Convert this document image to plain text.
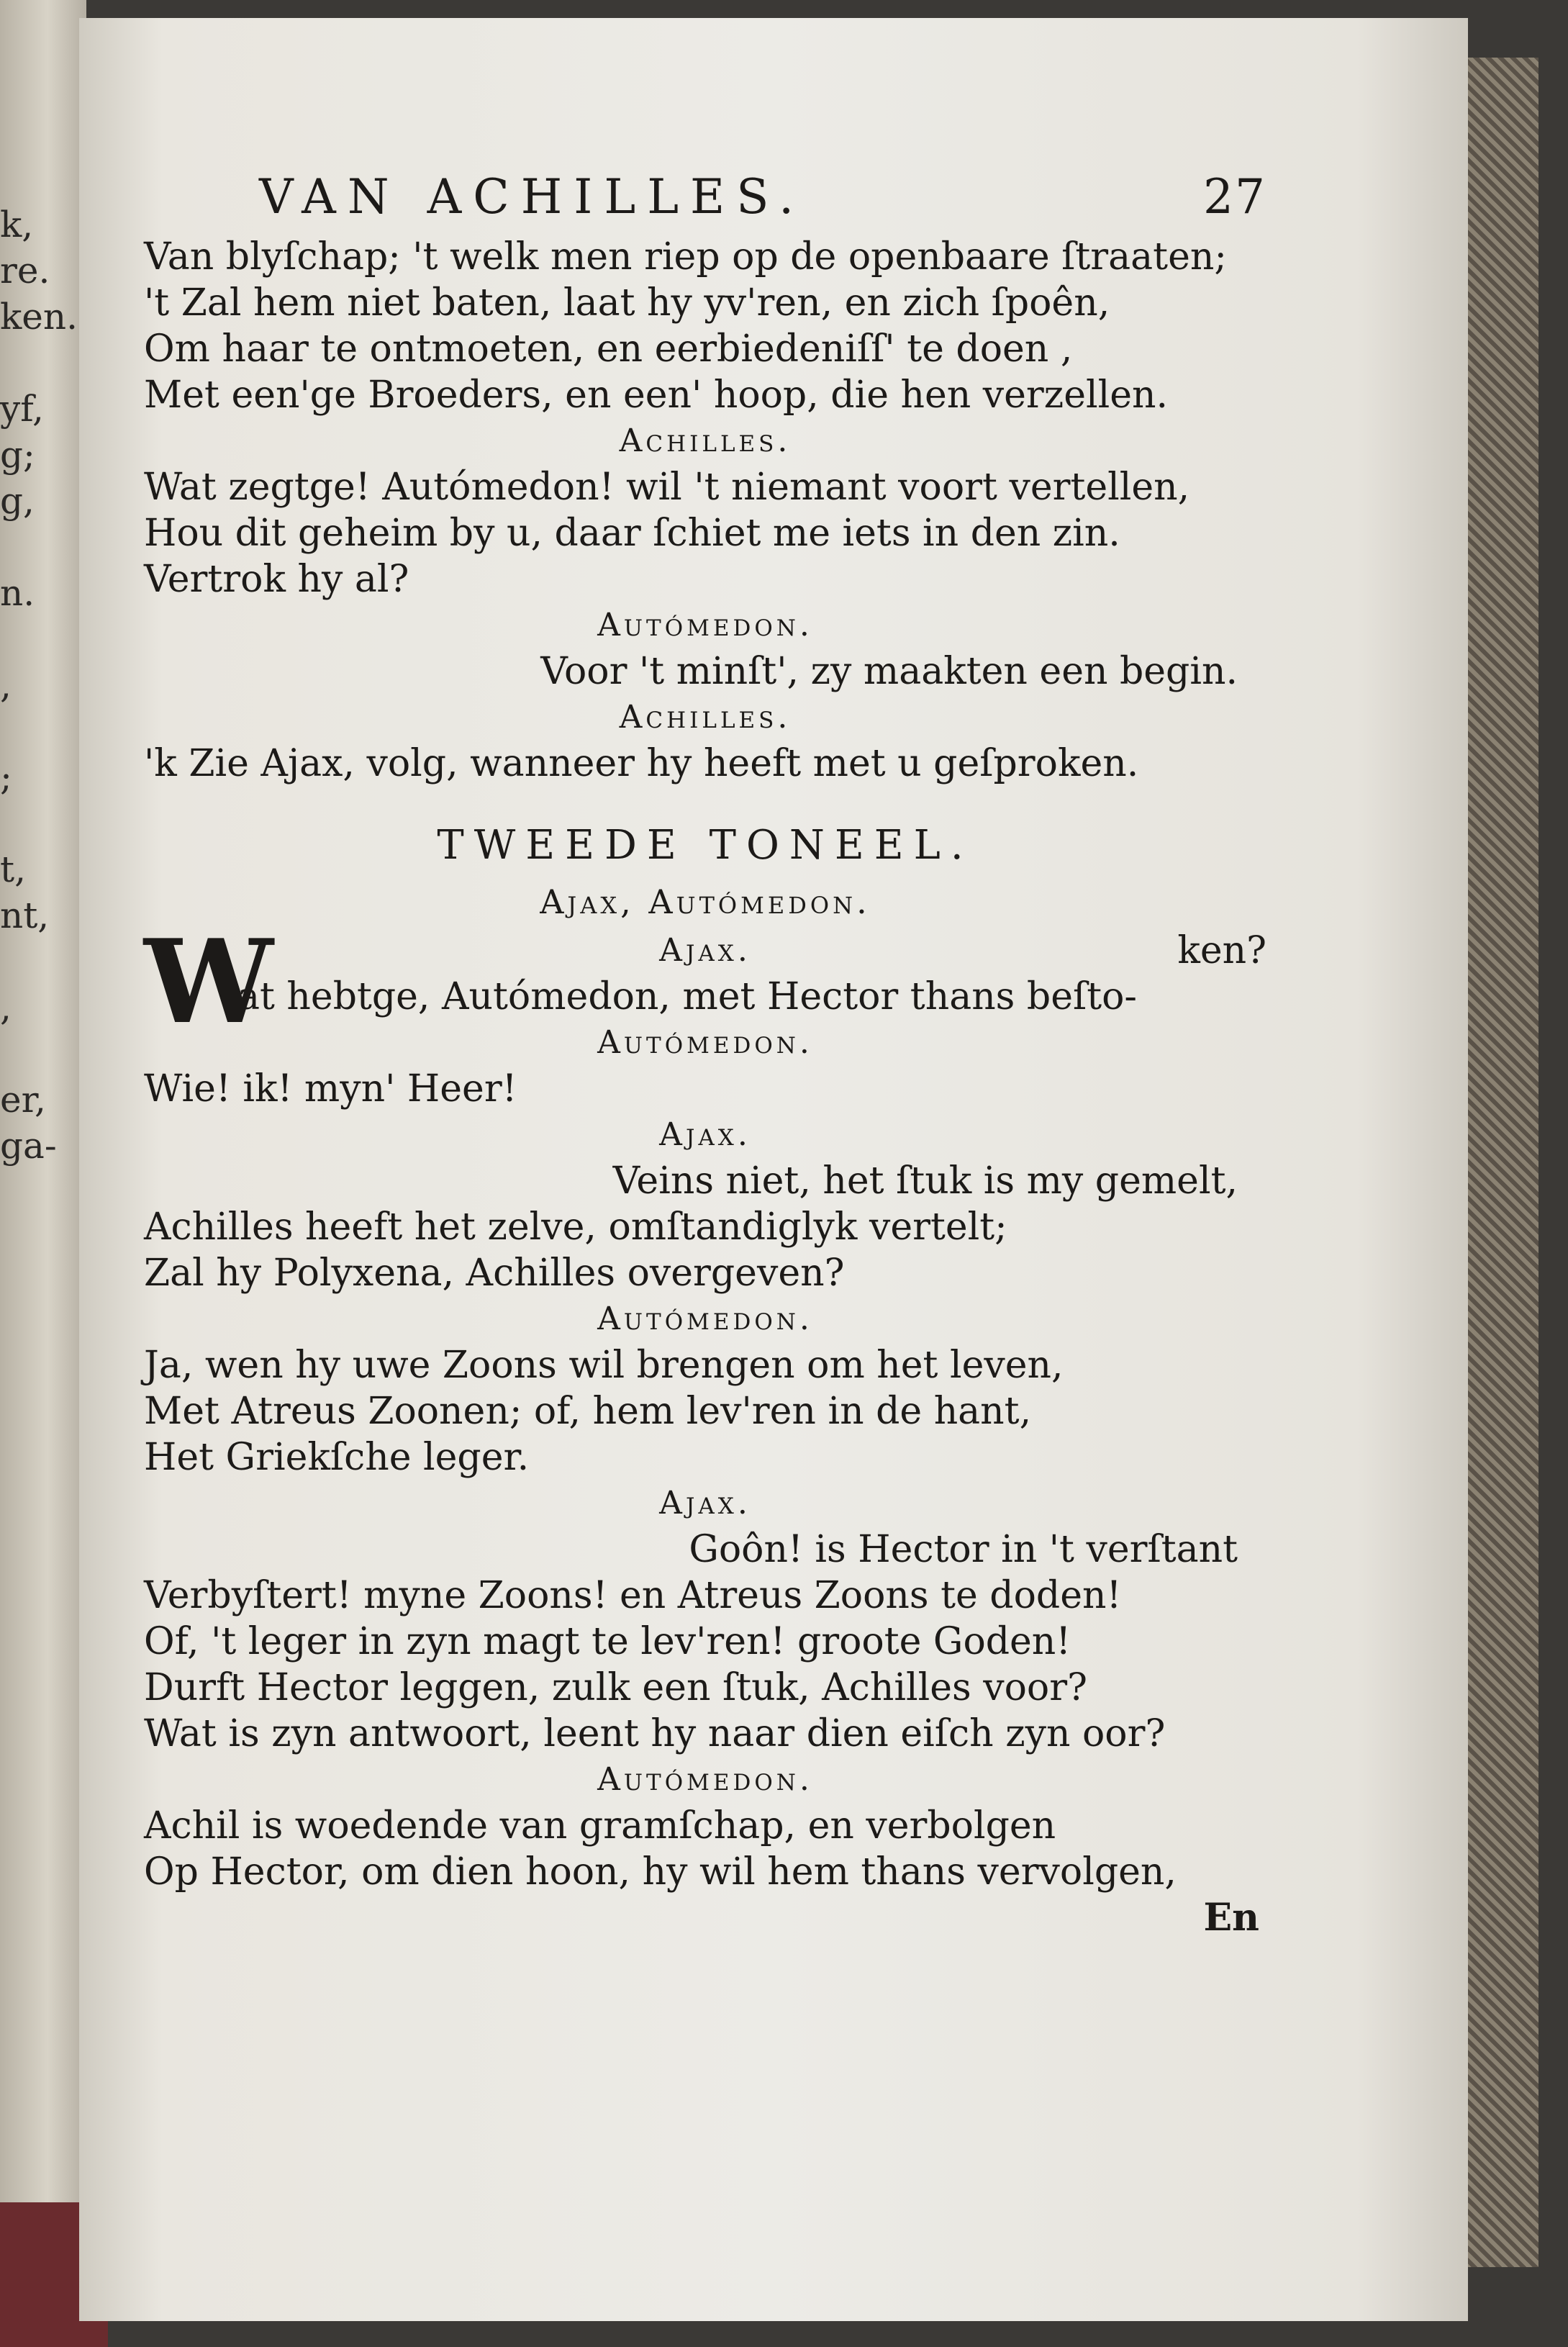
k,
re.
ken.
yf,
g;
g,
n.
,
;
t,
nt,
,
er,
ga-
VAN ACHILLES.	27
Van blyſchap; 't welk men riep op de openbaare ſtraaten;
't Zal hem niet baten, laat hy yv'ren, en zich ſpoên,
Om haar te ontmoeten, en eerbiedeniſſ' te doen ,
Met een'ge Broeders, en een' hoop, die hen verzellen.
Achilles.
Wat zegtge! Autómedon! wil 't niemant voort vertellen,
Hou dit geheim by u, daar ſchiet me iets in den zin.
Vertrok hy al?
Autómedon.
Voor 't minſt', zy maakten een begin.
Achilles.
'k Zie Ajax, volg, wanneer hy heeft met u geſproken.
TWEEDE TONEEL.
Ajax, Autómedon.
W	Ajax.	ken?
at hebtge, Autómedon, met Hector thans beſto-
Autómedon.
Wie! ik! myn' Heer!
Ajax.
Veins niet, het ſtuk is my gemelt,
Achilles heeft het zelve, omſtandiglyk vertelt;
Zal hy Polyxena, Achilles overgeven?
Autómedon.
Ja, wen hy uwe Zoons wil brengen om het leven,
Met Atreus Zoonen; of, hem lev'ren in de hant,
Het Griekſche leger.
Ajax.
Goôn! is Hector in 't verſtant
Verbyſtert! myne Zoons! en Atreus Zoons te doden!
Of, 't leger in zyn magt te lev'ren! groote Goden!
Durft Hector leggen, zulk een ſtuk, Achilles voor?
Wat is zyn antwoort, leent hy naar dien eiſch zyn oor?
Autómedon.
Achil is woedende van gramſchap, en verbolgen
Op Hector, om dien hoon, hy wil hem thans vervolgen,
En
